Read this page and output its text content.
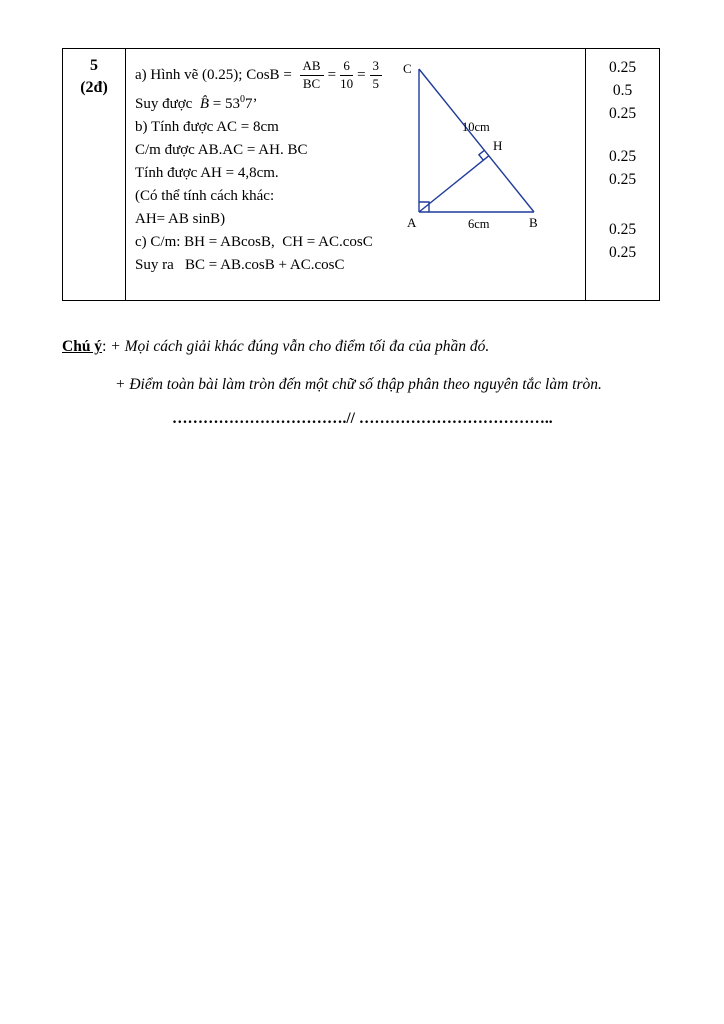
5
(2đ)
a) Hình vẽ (0.25); CosB = $\frac{AB}{BC} = \frac{6}{10} = \frac{3}{5}$
Suy được  B̂ = $53^07$’
b) Tính được AC = 8cm
C/m được AB.AC = AH. BC
Tính được AH = 4,8cm.
(Có thể tính cách khác:
AH= AB sinB)
c) C/m: BH = ABcosB,  CH = AC.cosC
Suy ra   BC = AB.cosB + AC.cosC
C
10cm
H
A	6cm	B
0.25
0.5
0.25
0.25
0.25
0.25
0.25

Chú ý: + Mọi cách giải khác đúng vẫn cho điểm tối đa của phần đó.

+ Điểm toàn bài làm tròn đến một chữ số thập phân theo nguyên tắc làm tròn.

…………………………….// ………………………………..
